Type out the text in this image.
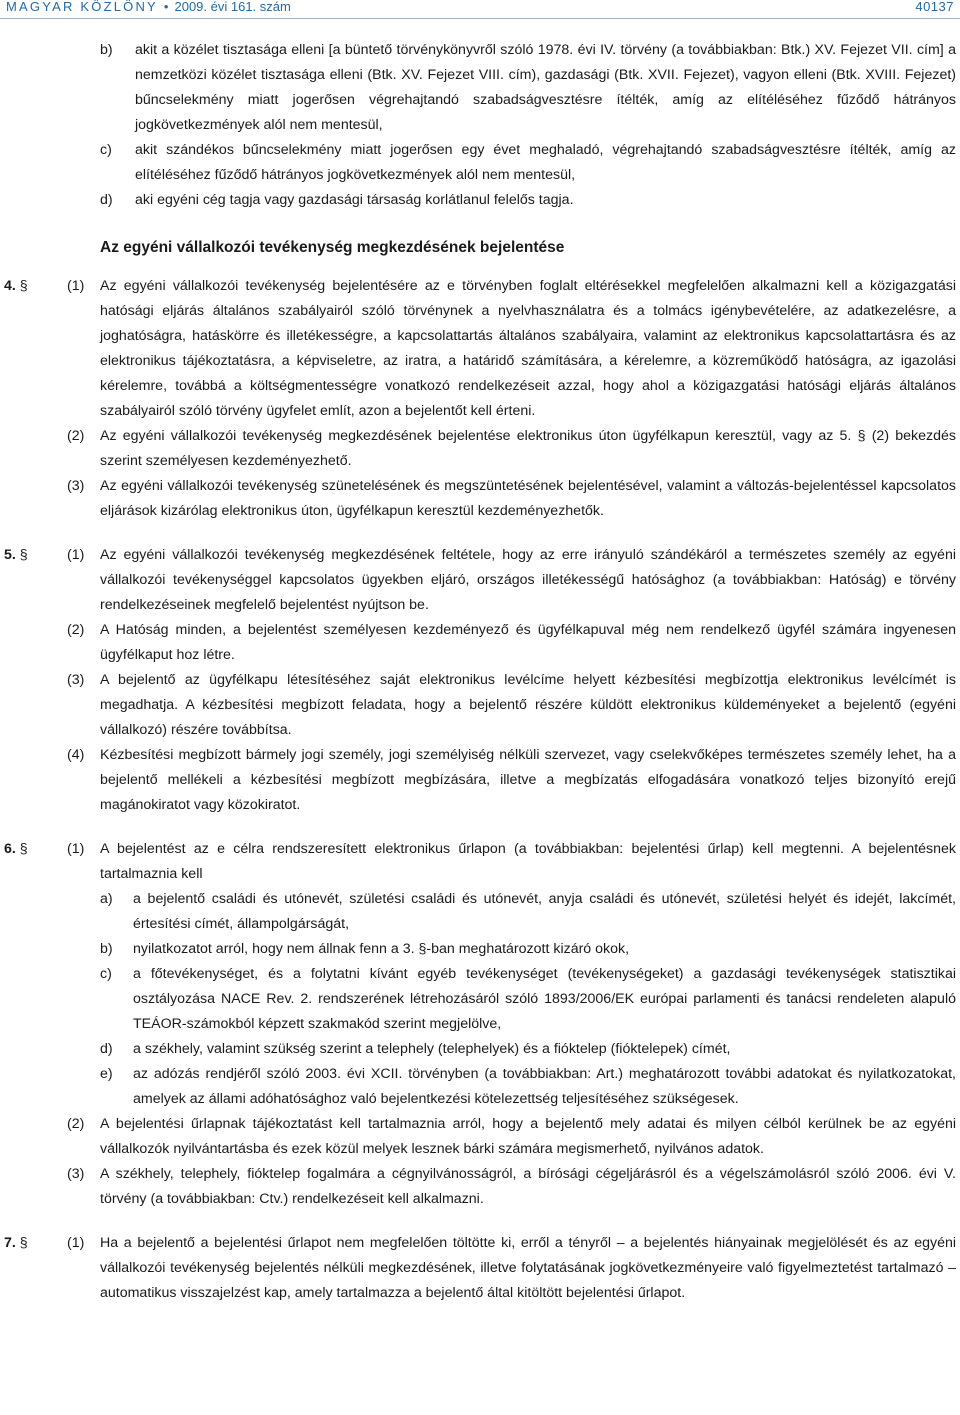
MAGYAR KÖZLÖNY • 2009. évi 161. szám	40137
b) akit a közélet tisztasága elleni [a büntető törvénykönyvről szóló 1978. évi IV. törvény (a továbbiakban: Btk.) XV. Fejezet VII. cím] a nemzetközi közélet tisztasága elleni (Btk. XV. Fejezet VIII. cím), gazdasági (Btk. XVII. Fejezet), vagyon elleni (Btk. XVIII. Fejezet) bűncselekmény miatt jogerősen végrehajtandó szabadságvesztésre ítélték, amíg az elítéléséhez fűződő hátrányos jogkövetkezmények alól nem mentesül,
c) akit szándékos bűncselekmény miatt jogerősen egy évet meghaladó, végrehajtandó szabadságvesztésre ítélték, amíg az elítéléséhez fűződő hátrányos jogkövetkezmények alól nem mentesül,
d) aki egyéni cég tagja vagy gazdasági társaság korlátlanul felelős tagja.
Az egyéni vállalkozói tevékenység megkezdésének bejelentése
4. §	(1) Az egyéni vállalkozói tevékenység bejelentésére az e törvényben foglalt eltérésekkel megfelelően alkalmazni kell a közigazgatási hatósági eljárás általános szabályairól szóló törvénynek a nyelvhasználatra és a tolmács igénybevételére, az adatkezelésre, a joghatóságra, hatáskörre és illetékességre, a kapcsolattartás általános szabályaira, valamint az elektronikus kapcsolattartásra és az elektronikus tájékoztatásra, a képviseletre, az iratra, a határidő számítására, a kérelemre, a közreműködő hatóságra, az igazolási kérelemre, továbbá a költségmentességre vonatkozó rendelkezéseit azzal, hogy ahol a közigazgatási hatósági eljárás általános szabályairól szóló törvény ügyfelet említ, azon a bejelentőt kell érteni.
(2) Az egyéni vállalkozói tevékenység megkezdésének bejelentése elektronikus úton ügyfélkapun keresztül, vagy az 5. § (2) bekezdés szerint személyesen kezdeményezhető.
(3) Az egyéni vállalkozói tevékenység szünetelésének és megszüntetésének bejelentésével, valamint a változás-bejelentéssel kapcsolatos eljárások kizárólag elektronikus úton, ügyfélkapun keresztül kezdeményezhetők.
5. §	(1) Az egyéni vállalkozói tevékenység megkezdésének feltétele, hogy az erre irányuló szándékáról a természetes személy az egyéni vállalkozói tevékenységgel kapcsolatos ügyekben eljáró, országos illetékességű hatósághoz (a továbbiakban: Hatóság) e törvény rendelkezéseinek megfelelő bejelentést nyújtson be.
(2) A Hatóság minden, a bejelentést személyesen kezdeményező és ügyfélkapuval még nem rendelkező ügyfél számára ingyenesen ügyfélkaput hoz létre.
(3) A bejelentő az ügyfélkapu létesítéséhez saját elektronikus levélcíme helyett kézbesítési megbízottja elektronikus levélcímét is megadhatja. A kézbesítési megbízott feladata, hogy a bejelentő részére küldött elektronikus küldeményeket a bejelentő (egyéni vállalkozó) részére továbbítsa.
(4) Kézbesítési megbízott bármely jogi személy, jogi személyiség nélküli szervezet, vagy cselekvőképes természetes személy lehet, ha a bejelentő mellékeli a kézbesítési megbízott megbízására, illetve a megbízatás elfogadására vonatkozó teljes bizonyító erejű magánokiratot vagy közokiratot.
6. §	(1) A bejelentést az e célra rendszeresített elektronikus űrlapon (a továbbiakban: bejelentési űrlap) kell megtenni. A bejelentésnek tartalmaznia kell
a) a bejelentő családi és utónevét, születési családi és utónevét, anyja családi és utónevét, születési helyét és idejét, lakcímét, értesítési címét, állampolgárságát,
b) nyilatkozatot arról, hogy nem állnak fenn a 3. §-ban meghatározott kizáró okok,
c) a főtevékenységet, és a folytatni kívánt egyéb tevékenységet (tevékenységeket) a gazdasági tevékenységek statisztikai osztályozása NACE Rev. 2. rendszerének létrehozásáról szóló 1893/2006/EK európai parlamenti és tanácsi rendeleten alapuló TEÁOR-számokból képzett szakmakód szerint megjelölve,
d) a székhely, valamint szükség szerint a telephely (telephelyek) és a fióktelep (fióktelepek) címét,
e) az adózás rendjéről szóló 2003. évi XCII. törvényben (a továbbiakban: Art.) meghatározott további adatokat és nyilatkozatokat, amelyek az állami adóhatósághoz való bejelentkezési kötelezettség teljesítéséhez szükségesek.
(2) A bejelentési űrlapnak tájékoztatást kell tartalmaznia arról, hogy a bejelentő mely adatai és milyen célból kerülnek be az egyéni vállalkozók nyilvántartásba és ezek közül melyek lesznek bárki számára megismerhető, nyilvános adatok.
(3) A székhely, telephely, fióktelep fogalmára a cégnyilvánosságról, a bírósági cégeljárásról és a végelszámolásról szóló 2006. évi V. törvény (a továbbiakban: Ctv.) rendelkezéseit kell alkalmazni.
7. §	(1) Ha a bejelentő a bejelentési űrlapot nem megfelelően töltötte ki, erről a tényről – a bejelentés hiányainak megjelölését és az egyéni vállalkozói tevékenység bejelentés nélküli megkezdésének, illetve folytatásának jogkövetkezményeire való figyelmeztetést tartalmazó – automatikus visszajelzést kap, amely tartalmazza a bejelentő által kitöltött bejelentési űrlapot.
